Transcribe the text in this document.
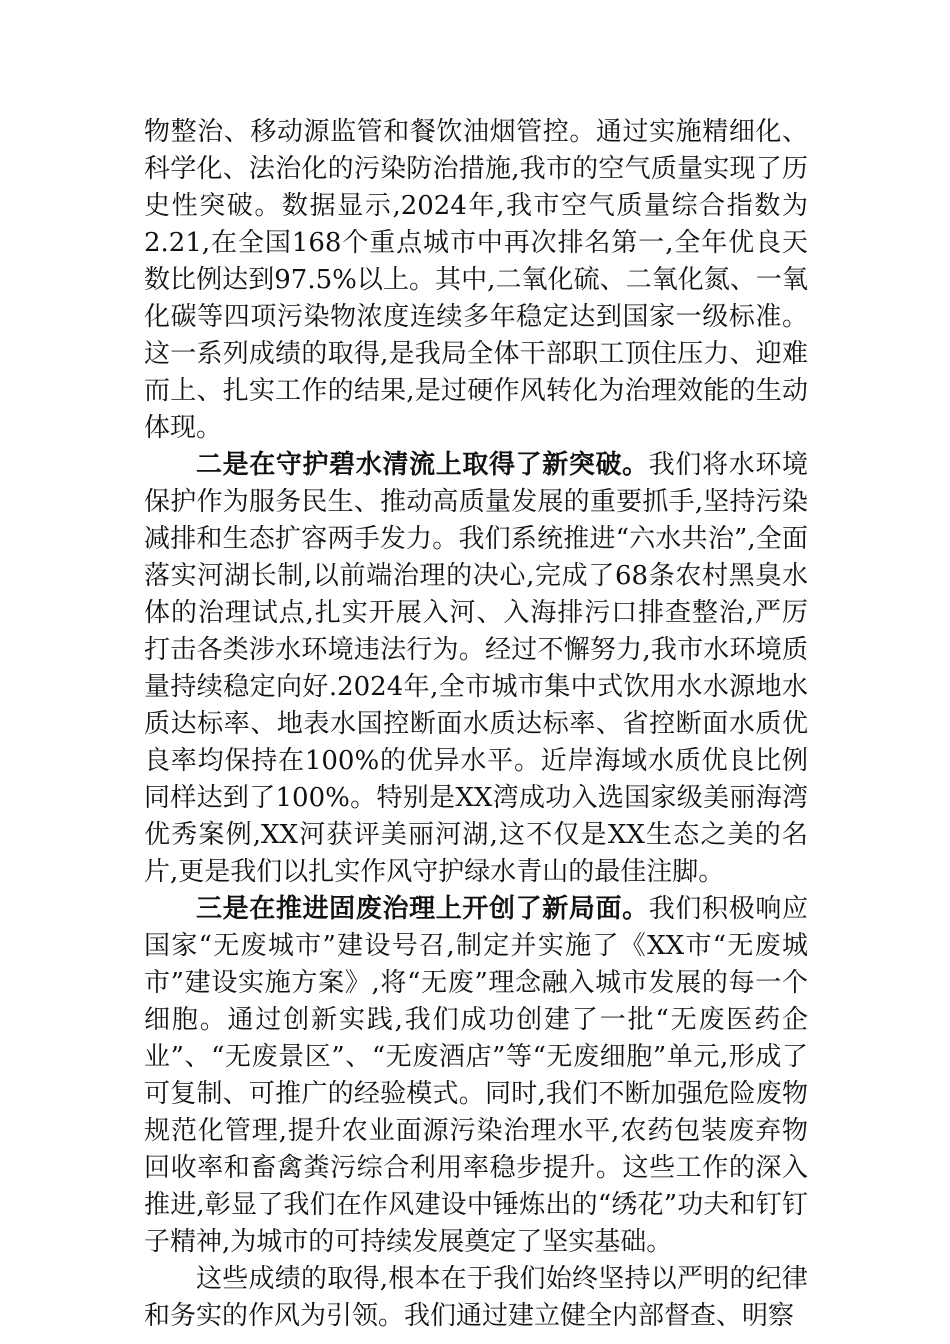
物整治、移动源监管和餐饮油烟管控。通过实施精细化、科学化、法治化的污染防治措施,我市的空气质量实现了历史性突破。数据显示,2024年,我市空气质量综合指数为2.21,在全国168个重点城市中再次排名第一,全年优良天数比例达到97.5%以上。其中,二氧化硫、二氧化氮、一氧化碳等四项污染物浓度连续多年稳定达到国家一级标准。这一系列成绩的取得,是我局全体干部职工顶住压力、迎难而上、扎实工作的结果,是过硬作风转化为治理效能的生动体现。

二是在守护碧水清流上取得了新突破。我们将水环境保护作为服务民生、推动高质量发展的重要抓手,坚持污染减排和生态扩容两手发力。我们系统推进“六水共治”,全面落实河湖长制,以前端治理的决心,完成了68条农村黑臭水体的治理试点,扎实开展入河、入海排污口排查整治,严厉打击各类涉水环境违法行为。经过不懈努力,我市水环境质量持续稳定向好.2024年,全市城市集中式饮用水水源地水质达标率、地表水国控断面水质达标率、省控断面水质优良率均保持在100%的优异水平。近岸海域水质优良比例同样达到了100%。特别是XX湾成功入选国家级美丽海湾优秀案例,XX河获评美丽河湖,这不仅是XX生态之美的名片,更是我们以扎实作风守护绿水青山的最佳注脚。

三是在推进固废治理上开创了新局面。我们积极响应国家“无废城市”建设号召,制定并实施了《XX市“无废城市”建设实施方案》,将“无废”理念融入城市发展的每一个细胞。通过创新实践,我们成功创建了一批“无废医药企业”、“无废景区”、“无废酒店”等“无废细胞”单元,形成了可复制、可推广的经验模式。同时,我们不断加强危险废物规范化管理,提升农业面源污染治理水平,农药包装废弃物回收率和畜禽粪污综合利用率稳步提升。这些工作的深入推进,彰显了我们在作风建设中锤炼出的“绣花”功夫和钉钉子精神,为城市的可持续发展奠定了坚实基础。

这些成绩的取得,根本在于我们始终坚持以严明的纪律和务实的作风为引领。我们通过建立健全内部督查、明察
